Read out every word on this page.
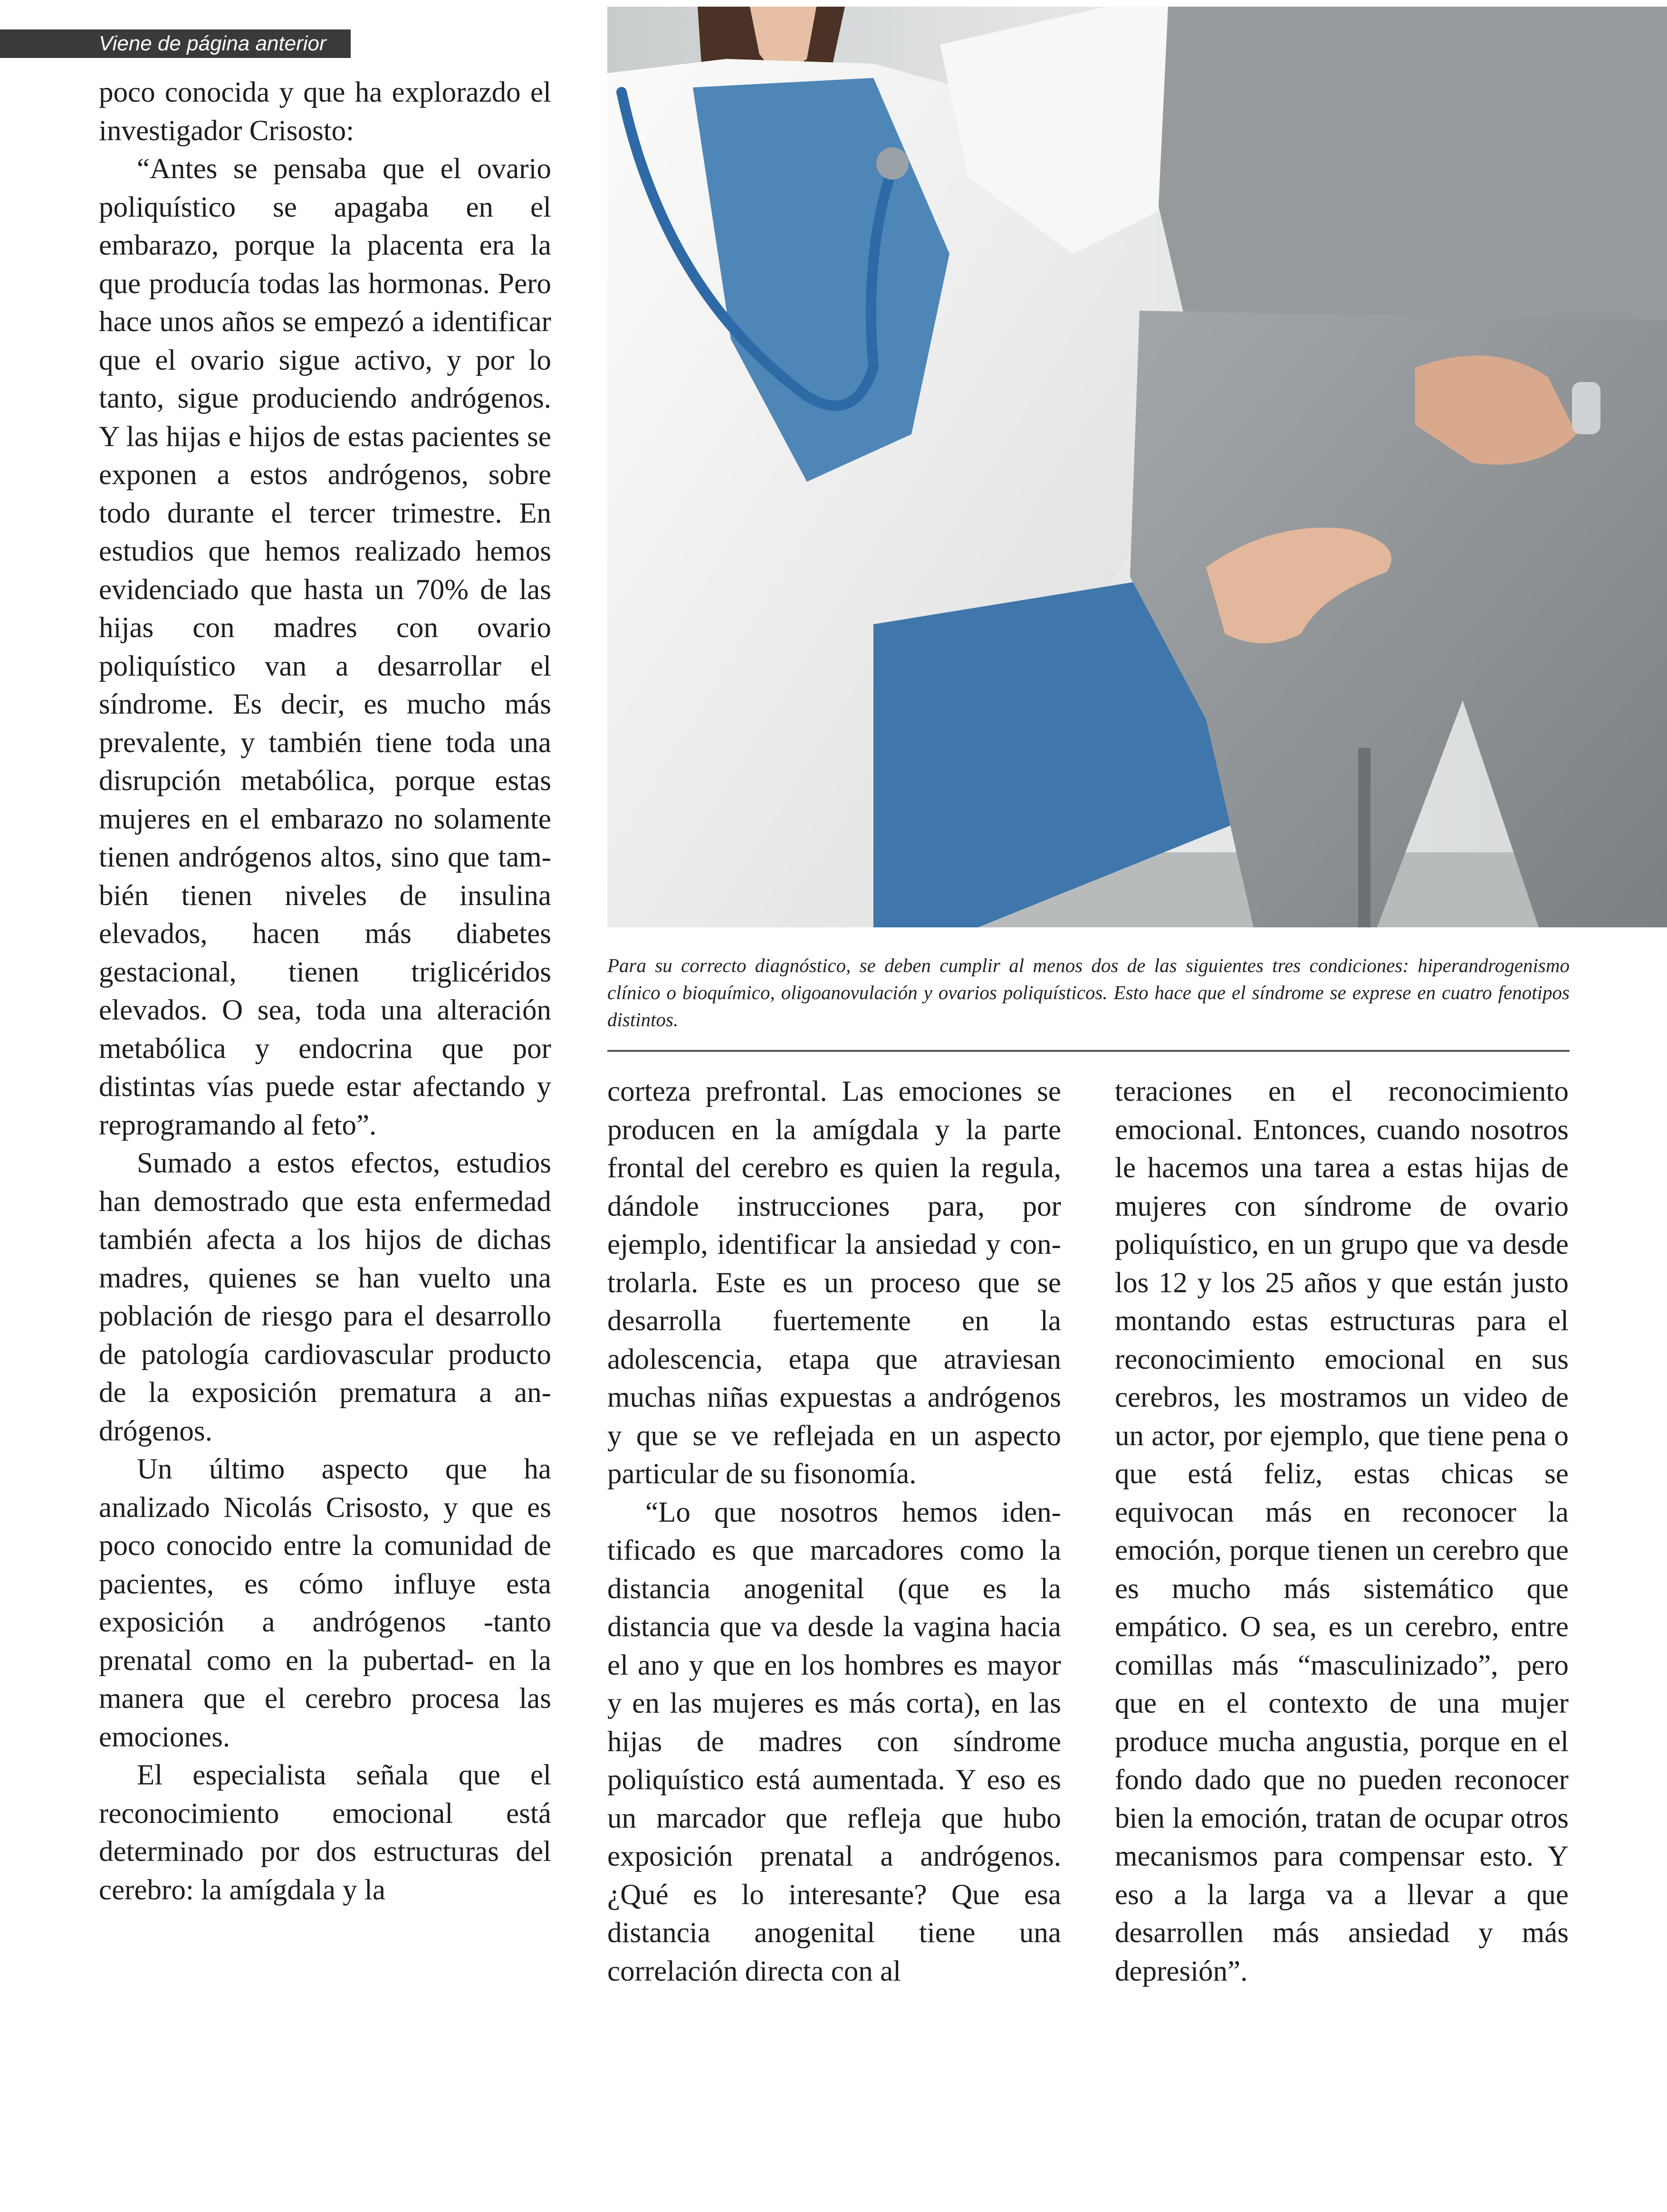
Viene de página anterior

poco conocida y que ha explorazdo el investigador Crisosto:

“Antes se pensaba que el ovario poliquístico se apagaba en el embarazo, porque la placenta era la que producía todas las hormonas. Pero hace unos años se empezó a identificar que el ovario sigue activo, y por lo tanto, sigue produciendo andrógenos. Y las hijas e hijos de estas pacientes se exponen a estos andrógenos, sobre todo durante el tercer trimestre. En estudios que hemos realizado hemos evidenciado que hasta un 70% de las hijas con madres con ovario poliquístico van a desarrollar el síndrome. Es decir, es mucho más prevalente, y también tiene toda una disrupción metabólica, porque estas mujeres en el embarazo no solamente tienen andrógenos altos, sino que también tienen niveles de insulina elevados, hacen más diabetes gestacional, tienen triglicéridos elevados. O sea, toda una alteración metabólica y endocrina que por distintas vías puede estar afectando y reprogramando al feto”.

Sumado a estos efectos, estudios han demostrado que esta enfermedad también afecta a los hijos de dichas madres, quienes se han vuelto una población de riesgo para el desarrollo de patología cardiovascular producto de la exposición prematura a andrógenos.

Un último aspecto que ha analizado Nicolás Crisosto, y que es poco conocido entre la comunidad de pacientes, es cómo influye esta exposición a andrógenos -tanto prenatal como en la pubertad- en la manera que el cerebro procesa las emociones.

El especialista señala que el reconocimiento emocional está determinado por dos estructuras del cerebro: la amígdala y la

Para su correcto diagnóstico, se deben cumplir al menos dos de las siguientes tres condiciones: hiperandrogenismo clínico o bioquímico, oligoanovulación y ovarios poliquísticos. Esto hace que el síndrome se exprese en cuatro fenotipos distintos.

corteza prefrontal. Las emociones se producen en la amígdala y la parte frontal del cerebro es quien la regula, dándole instrucciones para, por ejemplo, identificar la ansiedad y controlarla. Este es un proceso que se desarrolla fuertemente en la adolescencia, etapa que atraviesan muchas niñas expuestas a andrógenos y que se ve reflejada en un aspecto particular de su fisonomía.

“Lo que nosotros hemos identificado es que marcadores como la distancia anogenital (que es la distancia que va desde la vagina hacia el ano y que en los hombres es mayor y en las mujeres es más corta), en las hijas de madres con síndrome poliquístico está aumentada. Y eso es un marcador que refleja que hubo exposición prenatal a andrógenos. ¿Qué es lo interesante? Que esa distancia anogenital tiene una correlación directa con al

teraciones en el reconocimiento emocional. Entonces, cuando nosotros le hacemos una tarea a estas hijas de mujeres con síndrome de ovario poliquístico, en un grupo que va desde los 12 y los 25 años y que están justo montando estas estructuras para el reconocimiento emocional en sus cerebros, les mostramos un video de un actor, por ejemplo, que tiene pena o que está feliz, estas chicas se equivocan más en reconocer la emoción, porque tienen un cerebro que es mucho más sistemático que empático. O sea, es un cerebro, entre comillas más “masculinizado”, pero que en el contexto de una mujer produce mucha angustia, porque en el fondo dado que no pueden reconocer bien la emoción, tratan de ocupar otros mecanismos para compensar esto. Y eso a la larga va a llevar a que desarrollen más ansiedad y más depresión”.
